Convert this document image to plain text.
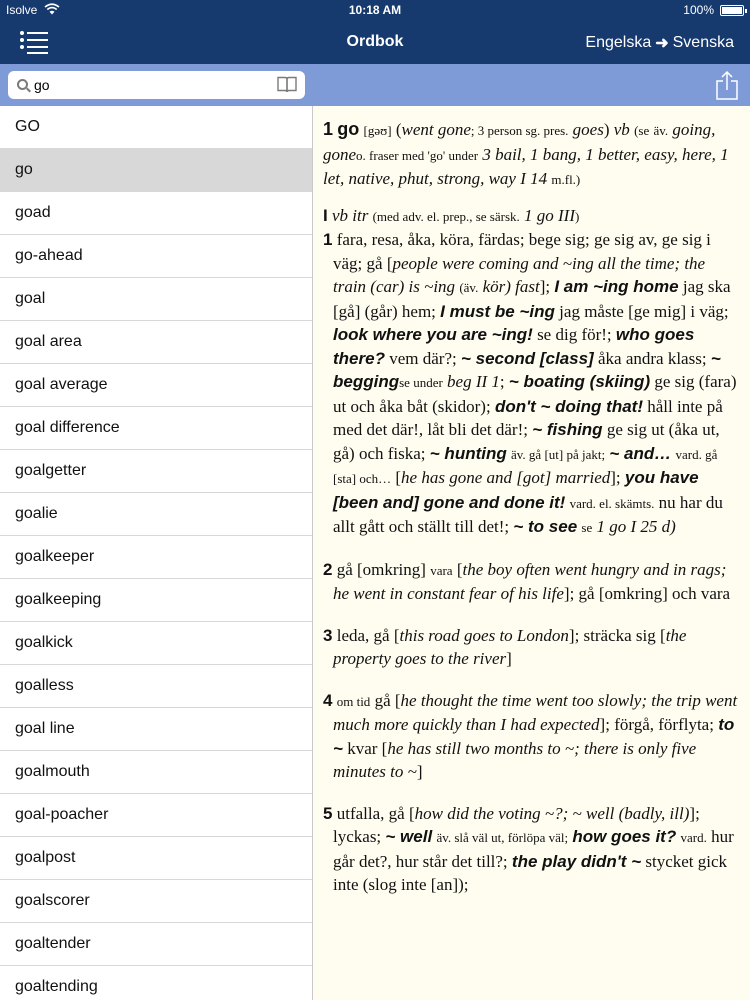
Isolve	10:18 AM	100%
Ordbok	Engelska ➜ Svenska
go
GO
go
goad
go-ahead
goal
goal area
goal average
goal difference
goalgetter
goalie
goalkeeper
goalkeeping
goalkick
goalless
goal line
goalmouth
goal-poacher
goalpost
goalscorer
goaltender
goaltending
1 go [gəʊ] (went gone; 3 person sg. pres. goes) vb (se äv. going, goneo. fraser med 'go' under 3 bail, 1 bang, 1 better, easy, here, 1 let, native, phut, strong, way I 14 m.fl.)
I vb itr (med adv. el. prep., se särsk. 1 go III)
1 fara, resa, åka, köra, färdas; bege sig; ge sig av, ge sig i väg; gå [people were coming and ~ing all the time; the train (car) is ~ing (äv. kör) fast]; I am ~ing home jag ska [gå] (går) hem; I must be ~ing jag måste [ge mig] i väg; look where you are ~ing! se dig för!; who goes there? vem där?; ~ second [class] åka andra klass; ~ beggingse under beg II 1; ~ boating (skiing) ge sig (fara) ut och åka båt (skidor); don't ~ doing that! håll inte på med det där!, låt bli det där!; ~ fishing ge sig ut (åka ut, gå) och fiska; ~ hunting äv. gå [ut] på jakt; ~ and… vard. gå [sta] och… [he has gone and [got] married]; you have [been and] gone and done it! vard. el. skämts. nu har du allt gått och ställt till det!; ~ to see se 1 go I 25 d)
2 gå [omkring] vara [the boy often went hungry and in rags; he went in constant fear of his life]; gå [omkring] och vara
3 leda, gå [this road goes to London]; sträcka sig [the property goes to the river]
4 om tid gå [he thought the time went too slowly; the trip went much more quickly than I had expected]; förgå, förflyta; to ~ kvar [he has still two months to ~; there is only five minutes to ~]
5 utfalla, gå [how did the voting ~?; ~ well (badly, ill)]; lyckas; ~ well äv. slå väl ut, förlöpa väl; how goes it? vard. hur går det?, hur står det till?; the play didn't ~ stycket gick inte (slog inte [an]);
